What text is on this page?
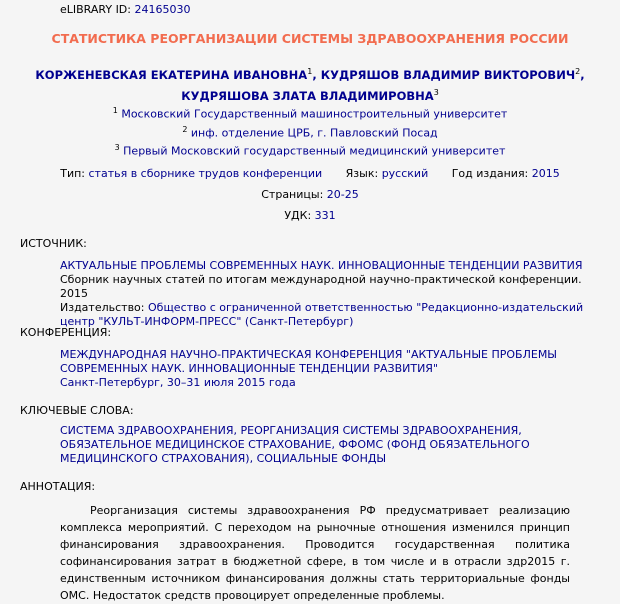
eLIBRARY ID: 24165030
СТАТИСТИКА РЕОРГАНИЗАЦИИ СИСТЕМЫ ЗДРАВООХРАНЕНИЯ РОССИИ
КОРЖЕНЕВСКАЯ ЕКАТЕРИНА ИВАНОВНА$^1$, КУДРЯШОВ ВЛАДИМИР ВИКТОРОВИЧ$^2$,
КУДРЯШОВА ЗЛАТА ВЛАДИМИРОВНА$^3$
$^1$ Московский Государственный машиностроительный университет
$^2$ инф. отделение ЦРБ, г. Павловский Посад
$^3$ Первый Московский государственный медицинский университет
Тип: статья в сборнике трудов конференции Язык: русский Год издания: 2015
Страницы: 20-25
УДК: 331
ИСТОЧНИК:
АКТУАЛЬНЫЕ ПРОБЛЕМЫ СОВРЕМЕННЫХ НАУК. ИННОВАЦИОННЫЕ ТЕНДЕНЦИИ РАЗВИТИЯ
Сборник научных статей по итогам международной научно-практической конференции. 2015
Издательство: Общество с ограниченной ответственностью "Редакционно-издательский центр "КУЛЬТ-ИНФОРМ-ПРЕСС" (Санкт-Петербург)
КОНФЕРЕНЦИЯ:
МЕЖДУНАРОДНАЯ НАУЧНО-ПРАКТИЧЕСКАЯ КОНФЕРЕНЦИЯ "АКТУАЛЬНЫЕ ПРОБЛЕМЫ СОВРЕМЕННЫХ НАУК. ИННОВАЦИОННЫЕ ТЕНДЕНЦИИ РАЗВИТИЯ"
Санкт-Петербург, 30–31 июля 2015 года
КЛЮЧЕВЫЕ СЛОВА:
СИСТЕМА ЗДРАВООХРАНЕНИЯ, РЕОРГАНИЗАЦИЯ СИСТЕМЫ ЗДРАВООХРАНЕНИЯ, ОБЯЗАТЕЛЬНОЕ МЕДИЦИНСКОЕ СТРАХОВАНИЕ, ФФОМС (ФОНД ОБЯЗАТЕЛЬНОГО МЕДИЦИНСКОГО СТРАХОВАНИЯ), СОЦИАЛЬНЫЕ ФОНДЫ
АННОТАЦИЯ:

Реорганизация системы здравоохранения РФ предусматривает реализацию комплекса мероприятий. С переходом на рыночные отношения изменился принцип финансирования здравоохранения. Проводится государственная политика софинансирования затрат в бюджетной сфере, в том числе и в отрасли здр2015 г. единственным источником финансирования должны стать территориальные фонды ОМС. Недостаток средств провоцирует определенные проблемы.
